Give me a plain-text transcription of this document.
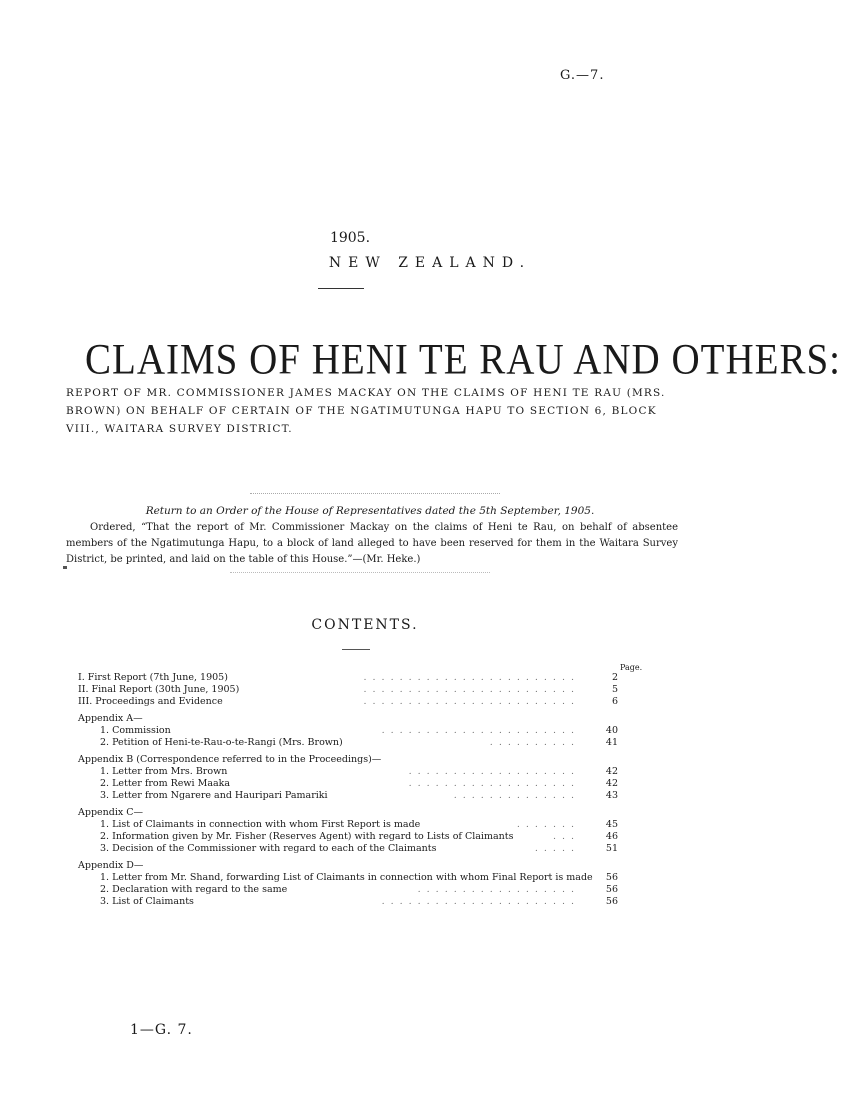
G.—7.
1905.
NEW ZEALAND.
CLAIMS OF HENI TE RAU AND OTHERS:
REPORT OF MR. COMMISSIONER JAMES MACKAY ON THE CLAIMS OF HENI TE RAU (MRS. BROWN) ON BEHALF OF CERTAIN OF THE NGATIMUTUNGA HAPU TO SECTION 6, BLOCK VIII., WAITARA SURVEY DISTRICT.
Return to an Order of the House of Representatives dated the 5th September, 1905.
Ordered, “That the report of Mr. Commissioner Mackay on the claims of Heni te Rau, on behalf of absentee members of the Ngatimutunga Hapu, to a block of land alleged to have been reserved for them in the Waitara Survey District, be printed, and laid on the table of this House.”—(Mr. Heke.)
CONTENTS.
Page.
I. First Report (7th June, 1905)	........................	2
II. Final Report (30th June, 1905)	........................	5
III. Proceedings and Evidence	........................	6
Appendix A—
1. Commission	......................	40
2. Petition of Heni-te-Rau-o-te-Rangi (Mrs. Brown)	..........	41
Appendix B (Correspondence referred to in the Proceedings)—
1. Letter from Mrs. Brown	...................	42
2. Letter from Rewi Maaka	...................	42
3. Letter from Ngarere and Hauripari Pamariki	..............	43
Appendix C—
1. List of Claimants in connection with whom First Report is made	.......	45
2. Information given by Mr. Fisher (Reserves Agent) with regard to Lists of Claimants	...	46
3. Decision of the Commissioner with regard to each of the Claimants	.....	51
Appendix D—
1. Letter from Mr. Shand, forwarding List of Claimants in connection with whom Final Report is made	56
2. Declaration with regard to the same	..................	56
3. List of Claimants	......................	56
1—G. 7.
